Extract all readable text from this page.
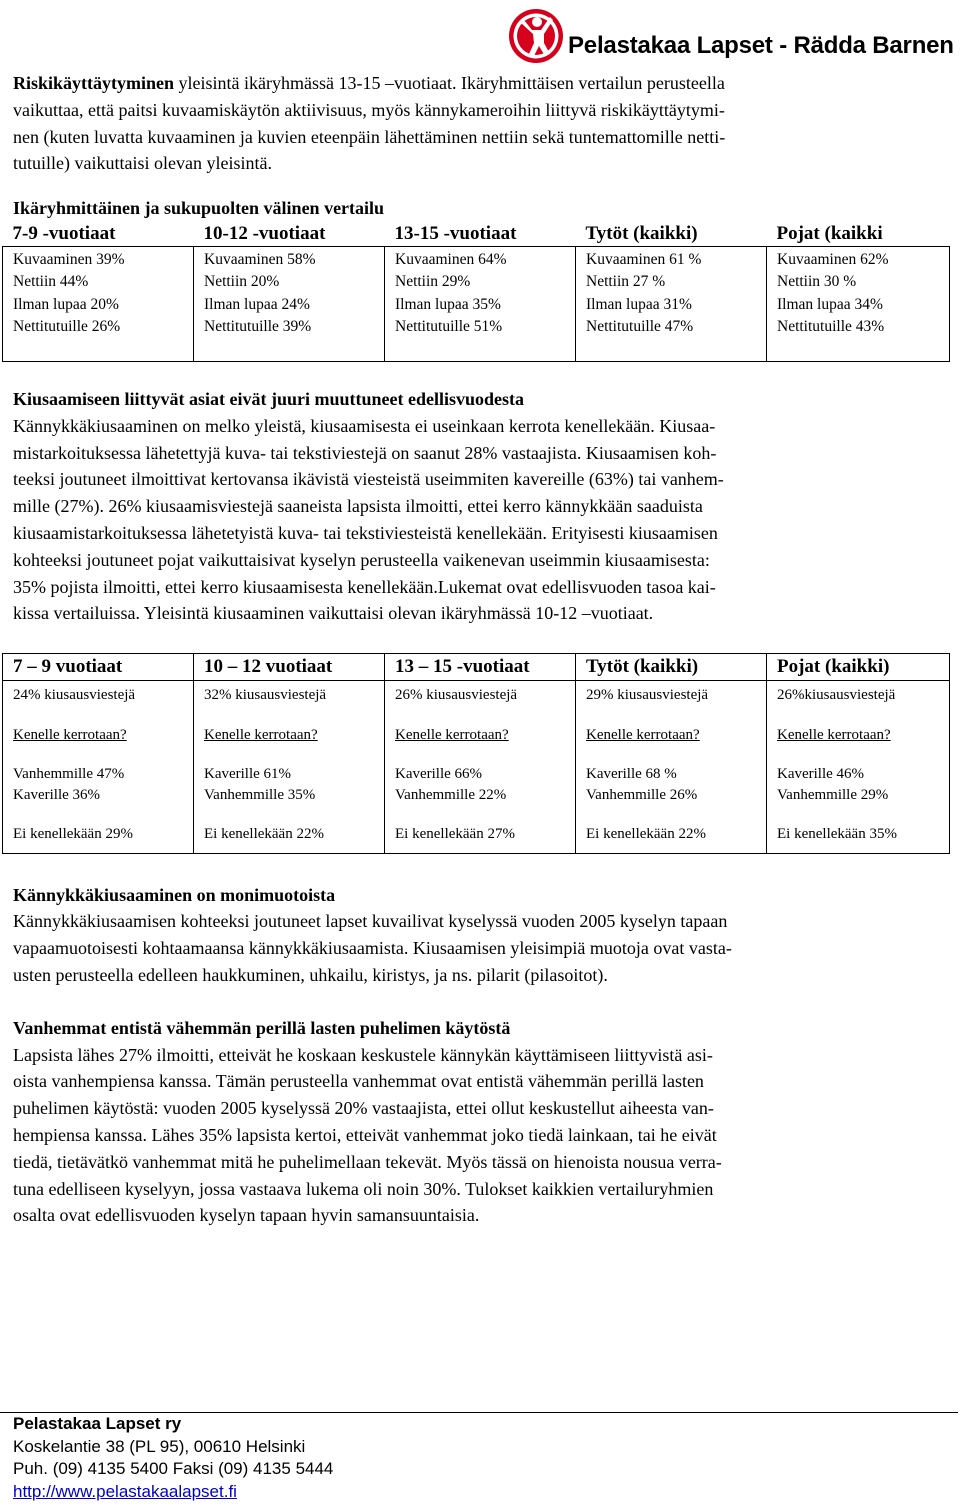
Pelastakaa Lapset - Rädda Barnen

Riskikäyttäytyminen yleisintä ikäryhmässä 13-15 –vuotiaat. Ikäryhmittäisen vertailun perusteella
vaikuttaa, että paitsi kuvaamiskäytön aktiivisuus, myös kännykameroihin liittyvä riskikäyttäytymi-
nen (kuten luvatta kuvaaminen ja kuvien eteenpäin lähettäminen nettiin sekä tuntemattomille netti-
tutuille) vaikuttaisi olevan yleisintä.

Ikäryhmittäinen ja sukupuolten välinen vertailu
7-9 -vuotiaat	10-12 -vuotiaat	13-15 -vuotiaat	Tytöt (kaikki)	Pojat (kaikki

Kuvaaminen 39%
Nettiin 44%
Ilman lupaa 20%
Nettitutuille 26%	Kuvaaminen 58%
Nettiin 20%
Ilman lupaa 24%
Nettitutuille 39%	Kuvaaminen 64%
Nettiin 29%
Ilman lupaa 35%
Nettitutuille 51%	Kuvaaminen 61 %
Nettiin 27 %
Ilman lupaa 31%
Nettitutuille 47%	Kuvaaminen 62%
Nettiin 30 %
Ilman lupaa 34%
Nettitutuille 43%
Kiusaamiseen liittyvät asiat eivät juuri muuttuneet edellisvuodesta

Kännykkäkiusaaminen on melko yleistä, kiusaamisesta ei useinkaan kerrota kenellekään. Kiusaa-
mistarkoituksessa lähetettyjä kuva- tai tekstiviestejä on saanut 28% vastaajista. Kiusaamisen koh-
teeksi joutuneet ilmoittivat kertovansa ikävistä viesteistä useimmiten kavereille (63%) tai vanhem-
mille (27%). 26% kiusaamisviestejä saaneista lapsista ilmoitti, ettei kerro kännykkään saaduista
kiusaamistarkoituksessa lähetetyistä kuva- tai tekstiviesteistä kenellekään. Erityisesti kiusaamisen
kohteeksi joutuneet pojat vaikuttaisivat kyselyn perusteella vaikenevan useimmin kiusaamisesta:
35% pojista ilmoitti, ettei kerro kiusaamisesta kenellekään.Lukemat ovat edellisvuoden tasoa kai-
kissa vertailuissa. Yleisintä kiusaaminen vaikuttaisi olevan ikäryhmässä 10-12 –vuotiaat.

7 – 9 vuotiaat	10 – 12 vuotiaat	13 – 15 -vuotiaat	Tytöt (kaikki)	Pojat (kaikki)

24% kiusausviestejä
Kenelle kerrotaan?
Vanhemmille 47%
Kaverille 36%
Ei kenellekään 29%	32% kiusausviestejä
Kenelle kerrotaan?
Kaverille 61%
Vanhemmille 35%
Ei kenellekään 22%	26% kiusausviestejä
Kenelle kerrotaan?
Kaverille 66%
Vanhemmille 22%
Ei kenellekään 27%	29% kiusausviestejä
Kenelle kerrotaan?
Kaverille 68 %
Vanhemmille 26%
Ei kenellekään 22%	26%kiusausviestejä
Kenelle kerrotaan?
Kaverille 46%
Vanhemmille 29%
Ei kenellekään 35%
Kännykkäkiusaaminen on monimuotoista

Kännykkäkiusaamisen kohteeksi joutuneet lapset kuvailivat kyselyssä vuoden 2005 kyselyn tapaan
vapaamuotoisesti kohtaamaansa kännykkäkiusaamista. Kiusaamisen yleisimpiä muotoja ovat vasta-
usten perusteella edelleen haukkuminen, uhkailu, kiristys, ja ns. pilarit (pilasoitot).

Vanhemmat entistä vähemmän perillä lasten puhelimen käytöstä

Lapsista lähes 27% ilmoitti, etteivät he koskaan keskustele kännykän käyttämiseen liittyvistä asi-
oista vanhempiensa kanssa. Tämän perusteella vanhemmat ovat entistä vähemmän perillä lasten
puhelimen käytöstä: vuoden 2005 kyselyssä 20% vastaajista, ettei ollut keskustellut aiheesta van-
hempiensa kanssa. Lähes 35% lapsista kertoi, etteivät vanhemmat joko tiedä lainkaan, tai he eivät
tiedä, tietävätkö vanhemmat mitä he puhelimellaan tekevät. Myös tässä on hienoista nousua verra-
tuna edelliseen kyselyyn, jossa vastaava lukema oli noin 30%. Tulokset kaikkien vertailuryhmien
osalta ovat edellisvuoden kyselyn tapaan hyvin samansuuntaisia.

Pelastakaa Lapset ry
Koskelantie 38 (PL 95), 00610 Helsinki
Puh. (09) 4135 5400 Faksi (09) 4135 5444
http://www.pelastakaalapset.fi
